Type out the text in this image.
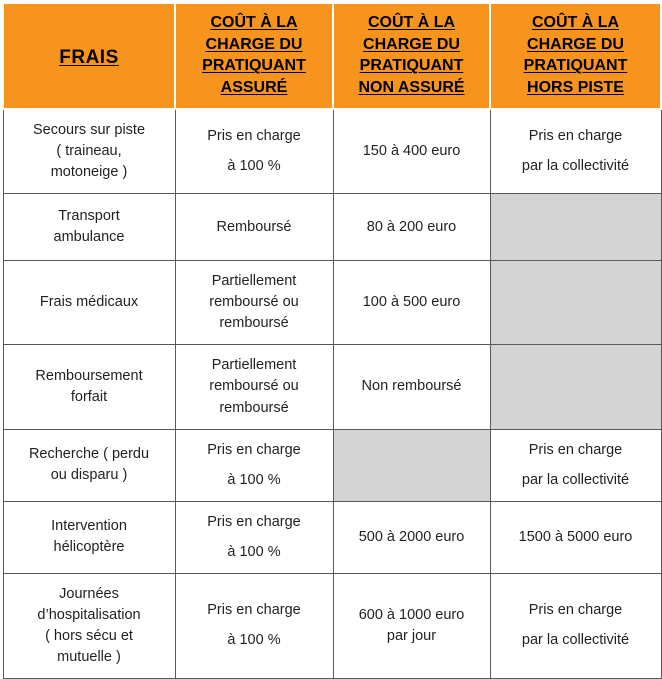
FRAIS	COÛT À LA
CHARGE DU
PRATIQUANT
ASSURÉ	COÛT À LA
CHARGE DU
PRATIQUANT
NON ASSURÉ	COÛT À LA
CHARGE DU
PRATIQUANT
HORS PISTE

Secours sur piste
( traineau,
motoneige )	Pris en charge
à 100 %	150 à 400 euro	Pris en charge
par la collectivité

Transport
ambulance	Remboursé	80 à 200 euro	

Frais médicaux	Partiellement
remboursé ou
remboursé	100 à 500 euro	

Remboursement
forfait	Partiellement
remboursé ou
remboursé	Non remboursé	

Recherche ( perdu
ou disparu )	Pris en charge
à 100 %		Pris en charge
par la collectivité

Intervention
hélicoptère	Pris en charge
à 100 %	500 à 2000 euro	1500 à 5000 euro

Journées
d’hospitalisation
( hors sécu et
mutuelle )	Pris en charge
à 100 %	600 à 1000 euro
par jour	Pris en charge
par la collectivité
